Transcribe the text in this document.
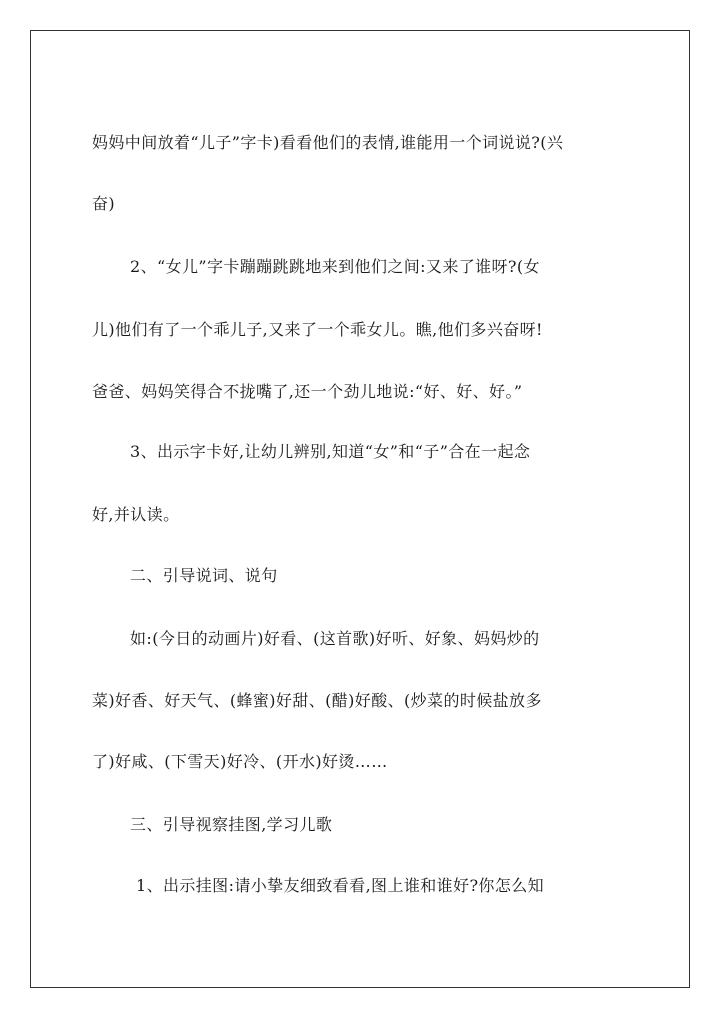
妈妈中间放着“儿子”字卡)看看他们的表情,谁能用一个词说说?(兴
奋)
2、“女儿”字卡蹦蹦跳跳地来到他们之间:又来了谁呀?(女
儿)他们有了一个乖儿子,又来了一个乖女儿。瞧,他们多兴奋呀!
爸爸、妈妈笑得合不拢嘴了,还一个劲儿地说:“好、好、好。”
3、出示字卡好,让幼儿辨别,知道“女”和“子”合在一起念
好,并认读。
二、引导说词、说句
如:(今日的动画片)好看、(这首歌)好听、好象、妈妈炒的
菜)好香、好天气、(蜂蜜)好甜、(醋)好酸、(炒菜的时候盐放多
了)好咸、(下雪天)好冷、(开水)好烫……
三、引导视察挂图,学习儿歌
1、出示挂图:请小挚友细致看看,图上谁和谁好?你怎么知
